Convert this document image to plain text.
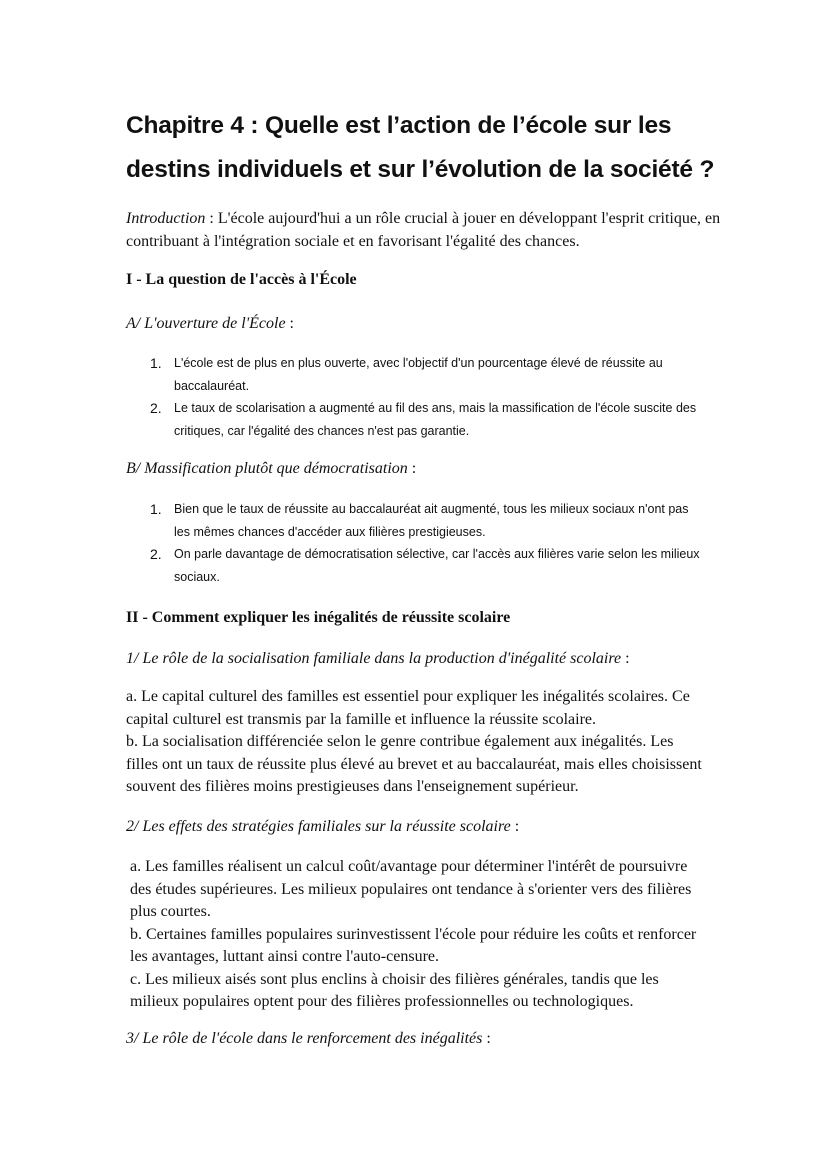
Chapitre 4 : Quelle est l’action de l’école sur les
destins individuels et sur l’évolution de la société ?
Introduction : L'école aujourd'hui a un rôle crucial à jouer en développant l'esprit critique, en contribuant à l'intégration sociale et en favorisant l'égalité des chances.
I - La question de l'accès à l'École
A/ L'ouverture de l'École :
1. L'école est de plus en plus ouverte, avec l'objectif d'un pourcentage élevé de réussite au baccalauréat.
2. Le taux de scolarisation a augmenté au fil des ans, mais la massification de l'école suscite des critiques, car l'égalité des chances n'est pas garantie.
B/ Massification plutôt que démocratisation :
1. Bien que le taux de réussite au baccalauréat ait augmenté, tous les milieux sociaux n'ont pas les mêmes chances d'accéder aux filières prestigieuses.
2. On parle davantage de démocratisation sélective, car l'accès aux filières varie selon les milieux sociaux.
II - Comment expliquer les inégalités de réussite scolaire
1/ Le rôle de la socialisation familiale dans la production d'inégalité scolaire :

a. Le capital culturel des familles est essentiel pour expliquer les inégalités scolaires. Ce capital culturel est transmis par la famille et influence la réussite scolaire.

b. La socialisation différenciée selon le genre contribue également aux inégalités. Les filles ont un taux de réussite plus élevé au brevet et au baccalauréat, mais elles choisissent souvent des filières moins prestigieuses dans l'enseignement supérieur.

2/ Les effets des stratégies familiales sur la réussite scolaire :

a. Les familles réalisent un calcul coût/avantage pour déterminer l'intérêt de poursuivre des études supérieures. Les milieux populaires ont tendance à s'orienter vers des filières plus courtes.

b. Certaines familles populaires surinvestissent l'école pour réduire les coûts et renforcer les avantages, luttant ainsi contre l'auto-censure.

c. Les milieux aisés sont plus enclins à choisir des filières générales, tandis que les milieux populaires optent pour des filières professionnelles ou technologiques.

3/ Le rôle de l'école dans le renforcement des inégalités :
